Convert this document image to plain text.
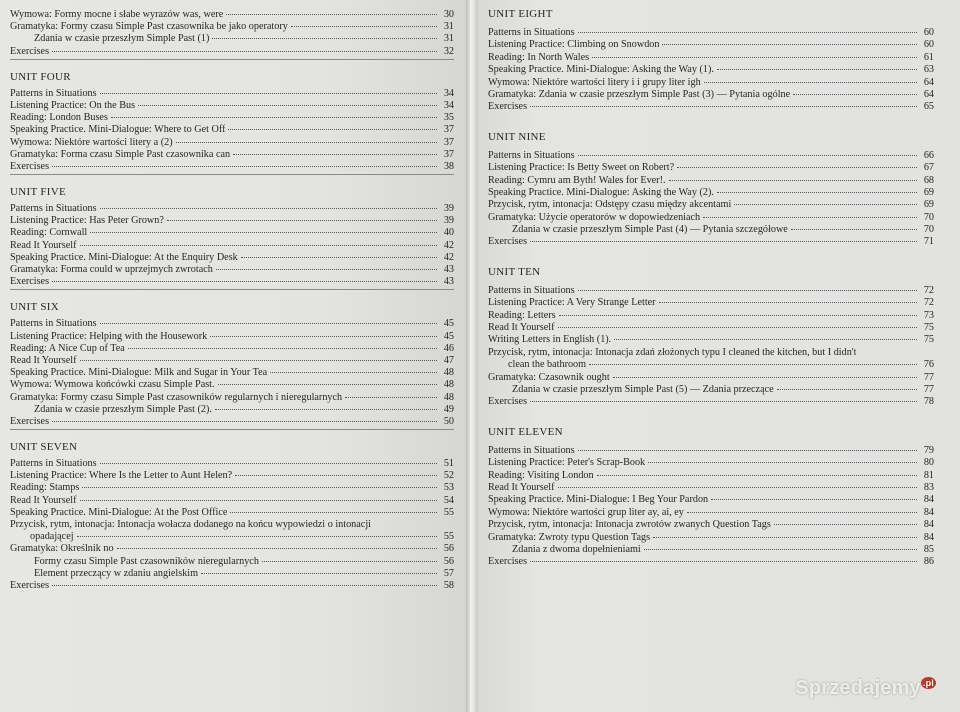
Wymowa: Formy mocne i słabe wyrazów was, were	30
Gramatyka: Formy czasu Simple Past czasownika be jako operatory	31
Zdania w czasie przeszłym Simple Past (1)	31
Exercises	32
UNIT FOUR
Patterns in Situations	34
Listening Practice: On the Bus	34
Reading: London Buses	35
Speaking Practice. Mini-Dialogue: Where to Get Off	37
Wymowa: Niektóre wartości litery a (2)	37
Gramatyka: Forma czasu Simple Past czasownika can	37
Exercises	38
UNIT FIVE
Patterns in Situations	39
Listening Practice: Has Peter Grown?	39
Reading: Cornwall	40
Read It Yourself	42
Speaking Practice. Mini-Dialogue: At the Enquiry Desk	42
Gramatyka: Forma could w uprzejmych zwrotach	43
Exercises	43
UNIT SIX
Patterns in Situations	45
Listening Practice: Helping with the Housework	45
Reading: A Nice Cup of Tea	46
Read It Yourself	47
Speaking Practice. Mini-Dialogue: Milk and Sugar in Your Tea	48
Wymowa: Wymowa końcówki czasu Simple Past.	48
Gramatyka: Formy czasu Simple Past czasowników regularnych i nieregularnych	48
Zdania w czasie przeszłym Simple Past (2).	49
Exercises	50
UNIT SEVEN
Patterns in Situations	51
Listening Practice: Where Is the Letter to Aunt Helen?	52
Reading: Stamps	53
Read It Yourself	54
Speaking Practice. Mini-Dialogue: At the Post Office	55
Przycisk, rytm, intonacja: Intonacja wołacza dodanego na końcu wypowiedzi o intonacji
opadającej	55
Gramatyka: Określnik no	56
Formy czasu Simple Past czasowników nieregularnych	56
Element przeczący w zdaniu angielskim	57
Exercises	58
UNIT EIGHT
Patterns in Situations	60
Listening Practice: Climbing on Snowdon	60
Reading: In North Wales	61
Speaking Practice. Mini-Dialogue: Asking the Way (1).	63
Wymowa: Niektóre wartości litery i i grupy liter igh	64
Gramatyka: Zdania w czasie przeszłym Simple Past (3) — Pytania ogólne	64
Exercises	65
UNIT NINE
Patterns in Situations	66
Listening Practice: Is Betty Sweet on Robert?	67
Reading: Cymru am Byth! Wales for Ever!.	68
Speaking Practice. Mini-Dialogue: Asking the Way (2).	69
Przycisk, rytm, intonacja: Odstępy czasu między akcentami	69
Gramatyka: Użycie operatorów w dopowiedzeniach	70
Zdania w czasie przeszłym Simple Past (4) — Pytania szczegółowe	70
Exercises	71
UNIT TEN
Patterns in Situations	72
Listening Practice: A Very Strange Letter	72
Reading: Letters	73
Read It Yourself	75
Writing Letters in English (1).	75
Przycisk, rytm, intonacja: Intonacja zdań złożonych typu I cleaned the kitchen, but I didn't
clean the bathroom	76
Gramatyka: Czasownik ought	77
Zdania w czasie przeszłym Simple Past (5) — Zdania przeczące	77
Exercises	78
UNIT ELEVEN
Patterns in Situations	79
Listening Practice: Peter's Scrap-Book	80
Reading: Visiting London	81
Read It Yourself	83
Speaking Practice. Mini-Dialogue: I Beg Your Pardon	84
Wymowa: Niektóre wartości grup liter ay, ai, ey	84
Przycisk, rytm, intonacja: Intonacja zwrotów zwanych Question Tags	84
Gramatyka: Zwroty typu Question Tags	84
Zdania z dwoma dopełnieniami	85
Exercises	86
Sprzedajemy $^{.pl}$
